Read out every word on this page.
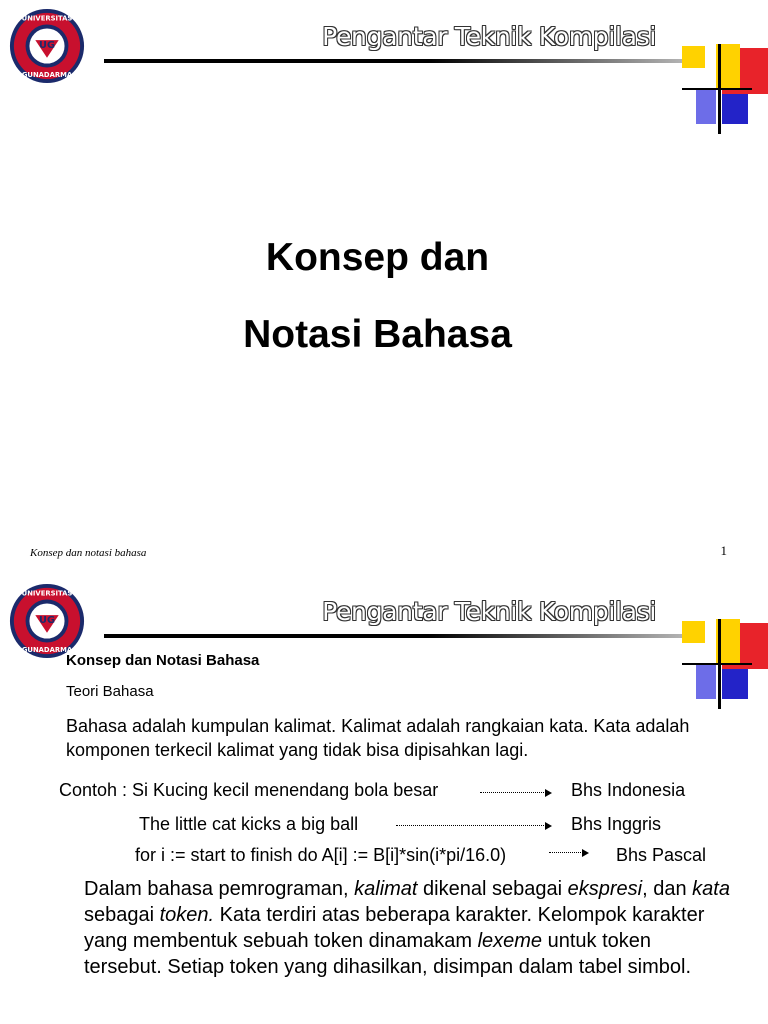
UG
UNIVERSITAS
GUNADARMA
Pengantar Teknik Kompilasi
Konsep dan
Notasi Bahasa
Konsep dan notasi bahasa	1
UG
UNIVERSITAS
GUNADARMA
Pengantar Teknik Kompilasi
Konsep dan Notasi Bahasa
Teori Bahasa
Bahasa adalah kumpulan kalimat. Kalimat adalah rangkaian kata. Kata adalah komponen terkecil kalimat yang tidak bisa dipisahkan lagi.
Contoh : Si Kucing kecil menendang bola besar	Bhs Indonesia
The little cat kicks a big ball	Bhs Inggris
for i := start to finish do A[i] := B[i]*sin(i*pi/16.0)	Bhs Pascal
Dalam bahasa pemrograman, kalimat dikenal sebagai ekspresi, dan kata sebagai token. Kata terdiri atas beberapa karakter. Kelompok karakter yang membentuk sebuah token dinamakam lexeme untuk token tersebut. Setiap token yang dihasilkan, disimpan dalam tabel simbol.
